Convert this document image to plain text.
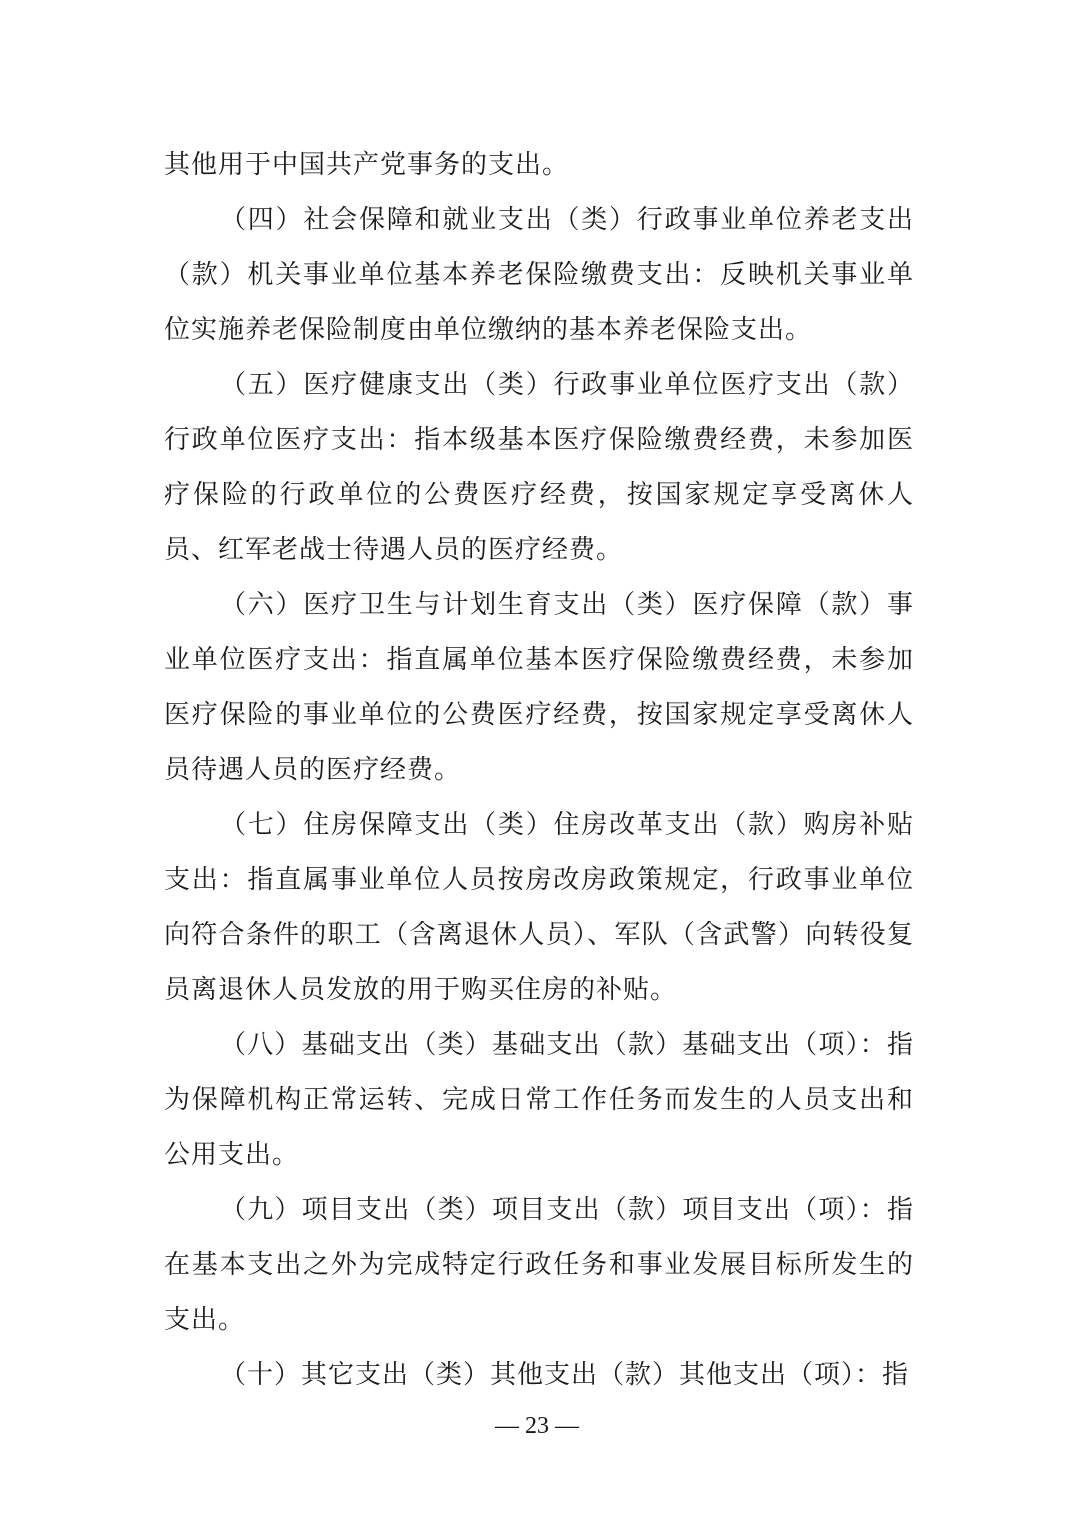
其他用于中国共产党事务的支出。

（四）社会保障和就业支出（类）行政事业单位养老支出（款）机关事业单位基本养老保险缴费支出：反映机关事业单位实施养老保险制度由单位缴纳的基本养老保险支出。

（五）医疗健康支出（类）行政事业单位医疗支出（款）行政单位医疗支出：指本级基本医疗保险缴费经费，未参加医疗保险的行政单位的公费医疗经费，按国家规定享受离休人员、红军老战士待遇人员的医疗经费。

（六）医疗卫生与计划生育支出（类）医疗保障（款）事业单位医疗支出：指直属单位基本医疗保险缴费经费，未参加医疗保险的事业单位的公费医疗经费，按国家规定享受离休人员待遇人员的医疗经费。

（七）住房保障支出（类）住房改革支出（款）购房补贴支出：指直属事业单位人员按房改房政策规定，行政事业单位向符合条件的职工（含离退休人员）、军队（含武警）向转役复员离退休人员发放的用于购买住房的补贴。

（八）基础支出（类）基础支出（款）基础支出（项）：指为保障机构正常运转、完成日常工作任务而发生的人员支出和公用支出。

（九）项目支出（类）项目支出（款）项目支出（项）：指在基本支出之外为完成特定行政任务和事业发展目标所发生的支出。

（十）其它支出（类）其他支出（款）其他支出（项）：指

— 23 —
